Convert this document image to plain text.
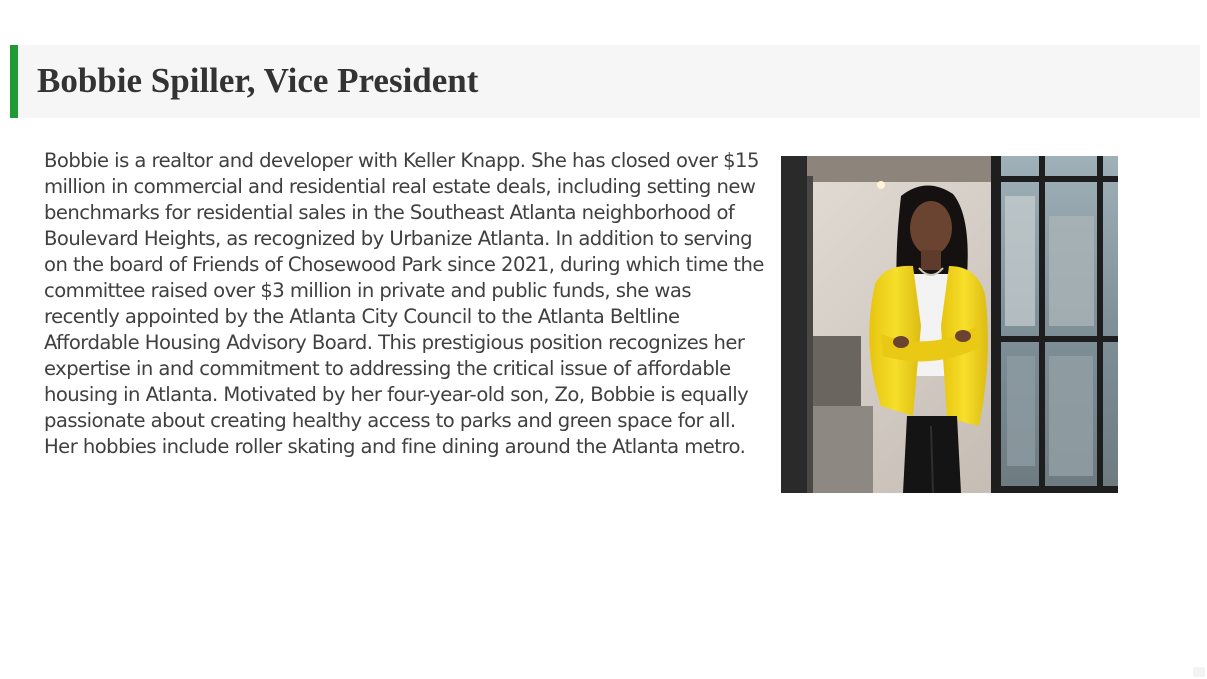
Bobbie Spiller, Vice President

Bobbie is a realtor and developer with Keller Knapp. She has closed over $15 million in commercial and residential real estate deals, including setting new benchmarks for residential sales in the Southeast Atlanta neighborhood of Boulevard Heights, as recognized by Urbanize Atlanta. In addition to serving on the board of Friends of Chosewood Park since 2021, during which time the committee raised over $3 million in private and public funds, she was recently appointed by the Atlanta City Council to the Atlanta Beltline Affordable Housing Advisory Board. This prestigious position recognizes her expertise in and commitment to addressing the critical issue of affordable housing in Atlanta. Motivated by her four-year-old son, Zo, Bobbie is equally passionate about creating healthy access to parks and green space for all. Her hobbies include roller skating and fine dining around the Atlanta metro.
